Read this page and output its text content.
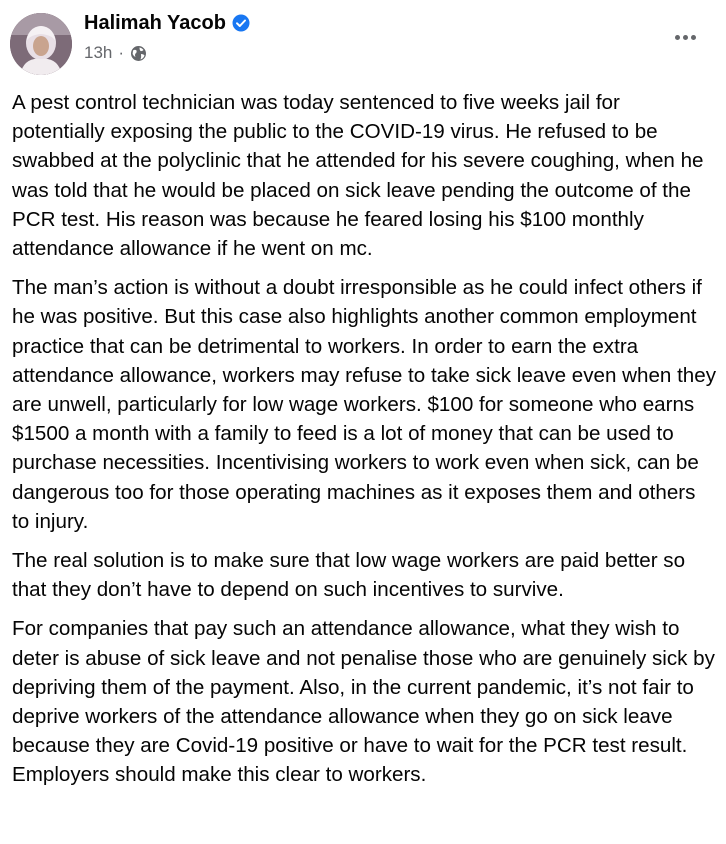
Halimah Yacob
13h ·

A pest control technician was today sentenced to five weeks jail for potentially exposing the public to the COVID-19 virus. He refused to be swabbed at the polyclinic that he attended for his severe coughing, when he was told that he would be placed on sick leave pending the outcome of the PCR test. His reason was because he feared losing his $100 monthly attendance allowance if he went on mc.

The man’s action is without a doubt irresponsible as he could infect others if he was positive. But this case also highlights another common employment practice that can be detrimental to workers. In order to earn the extra attendance allowance, workers may refuse to take sick leave even when they are unwell, particularly for low wage workers. $100 for someone who earns $1500 a month with a family to feed is a lot of money that can be used to purchase necessities. Incentivising workers to work even when sick, can be dangerous too for those operating machines as it exposes them and others to injury.

The real solution is to make sure that low wage workers are paid better so that they don’t have to depend on such incentives to survive.

For companies that pay such an attendance allowance, what they wish to deter is abuse of sick leave and not penalise those who are genuinely sick by depriving them of the payment. Also, in the current pandemic, it’s not fair to deprive workers of the attendance allowance when they go on sick leave because they are Covid-19 positive or have to wait for the PCR test result. Employers should make this clear to workers.
